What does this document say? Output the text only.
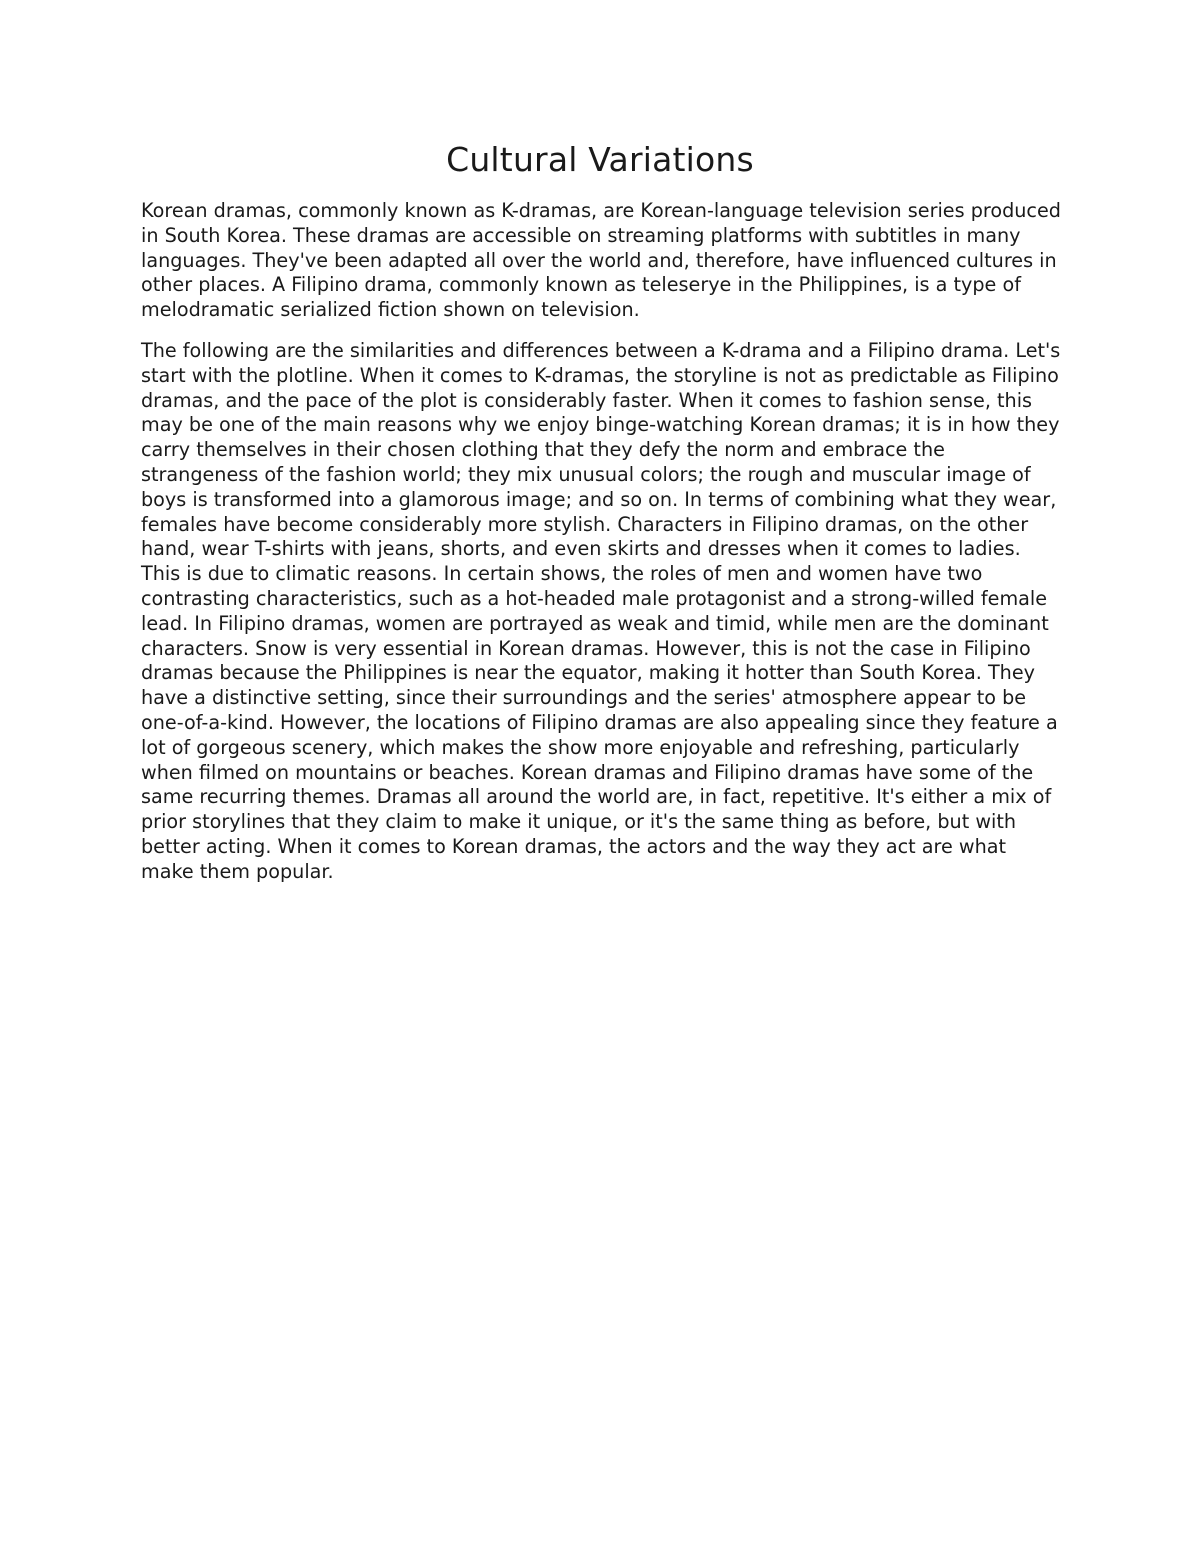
Cultural Variations

Korean dramas, commonly known as K-dramas, are Korean-language television series produced in South Korea. These dramas are accessible on streaming platforms with subtitles in many languages. They've been adapted all over the world and, therefore, have influenced cultures in other places. A Filipino drama, commonly known as teleserye in the Philippines, is a type of melodramatic serialized fiction shown on television.

The following are the similarities and differences between a K-drama and a Filipino drama. Let's start with the plotline. When it comes to K-dramas, the storyline is not as predictable as Filipino dramas, and the pace of the plot is considerably faster. When it comes to fashion sense, this may be one of the main reasons why we enjoy binge-watching Korean dramas; it is in how they carry themselves in their chosen clothing that they defy the norm and embrace the strangeness of the fashion world; they mix unusual colors; the rough and muscular image of boys is transformed into a glamorous image; and so on. In terms of combining what they wear, females have become considerably more stylish. Characters in Filipino dramas, on the other hand, wear T-shirts with jeans, shorts, and even skirts and dresses when it comes to ladies. This is due to climatic reasons. In certain shows, the roles of men and women have two contrasting characteristics, such as a hot-headed male protagonist and a strong-willed female lead. In Filipino dramas, women are portrayed as weak and timid, while men are the dominant characters. Snow is very essential in Korean dramas. However, this is not the case in Filipino dramas because the Philippines is near the equator, making it hotter than South Korea. They have a distinctive setting, since their surroundings and the series' atmosphere appear to be one-of-a-kind. However, the locations of Filipino dramas are also appealing since they feature a lot of gorgeous scenery, which makes the show more enjoyable and refreshing, particularly when filmed on mountains or beaches. Korean dramas and Filipino dramas have some of the same recurring themes. Dramas all around the world are, in fact, repetitive. It's either a mix of prior storylines that they claim to make it unique, or it's the same thing as before, but with better acting. When it comes to Korean dramas, the actors and the way they act are what make them popular.
